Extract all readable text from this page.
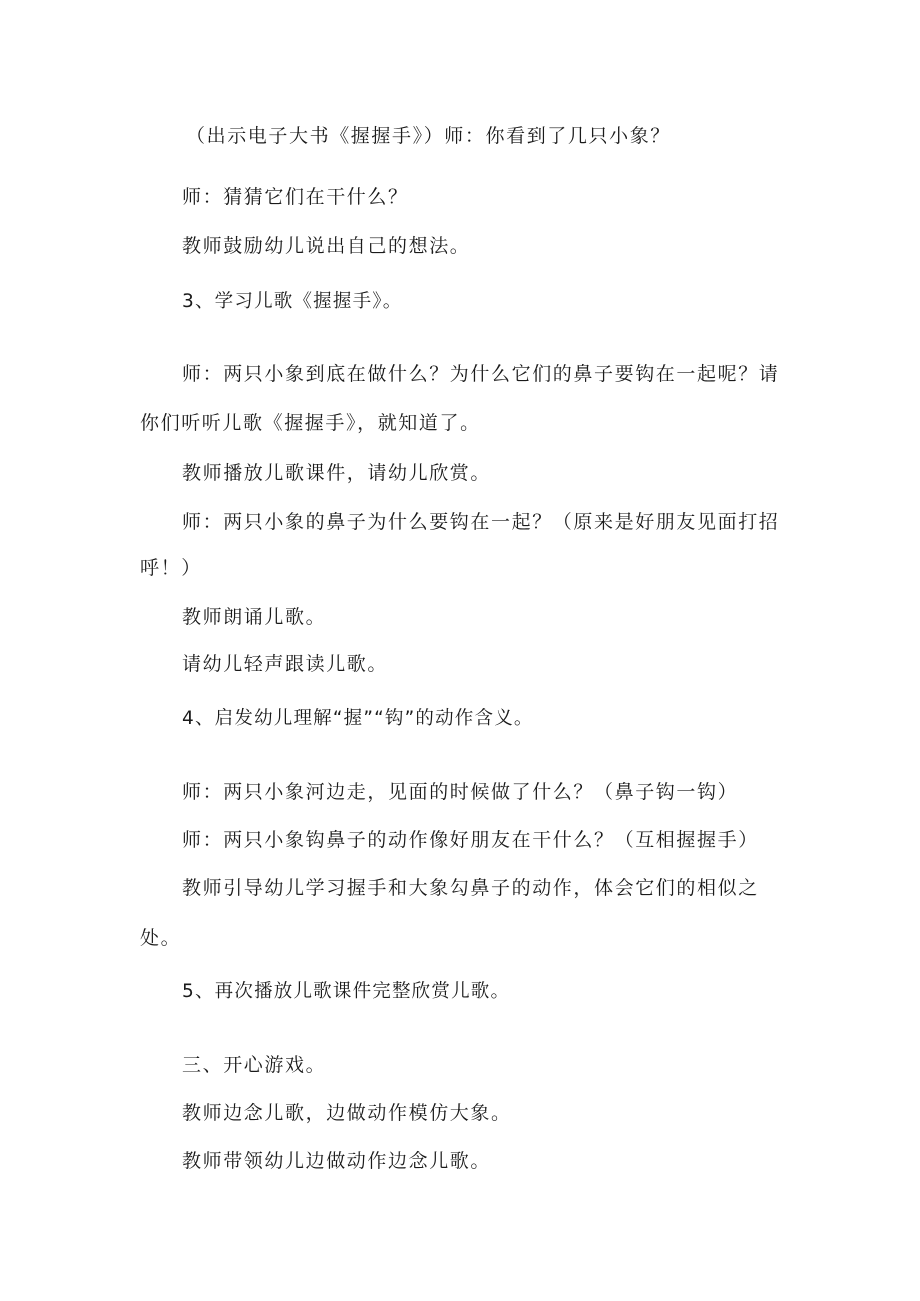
（出示电子大书《握握手》）师：你看到了几只小象？
师：猜猜它们在干什么？
教师鼓励幼儿说出自己的想法。
3、学习儿歌《握握手》。
师：两只小象到底在做什么？为什么它们的鼻子要钩在一起呢？请
你们听听儿歌《握握手》，就知道了。
教师播放儿歌课件，请幼儿欣赏。
师：两只小象的鼻子为什么要钩在一起？（原来是好朋友见面打招
呼！）
教师朗诵儿歌。
请幼儿轻声跟读儿歌。
4、启发幼儿理解“握”“钩”的动作含义。
师：两只小象河边走，见面的时候做了什么？（鼻子钩一钩）
师：两只小象钩鼻子的动作像好朋友在干什么？（互相握握手）
教师引导幼儿学习握手和大象勾鼻子的动作，体会它们的相似之
处。
5、再次播放儿歌课件完整欣赏儿歌。
三、开心游戏。
教师边念儿歌，边做动作模仿大象。
教师带领幼儿边做动作边念儿歌。
